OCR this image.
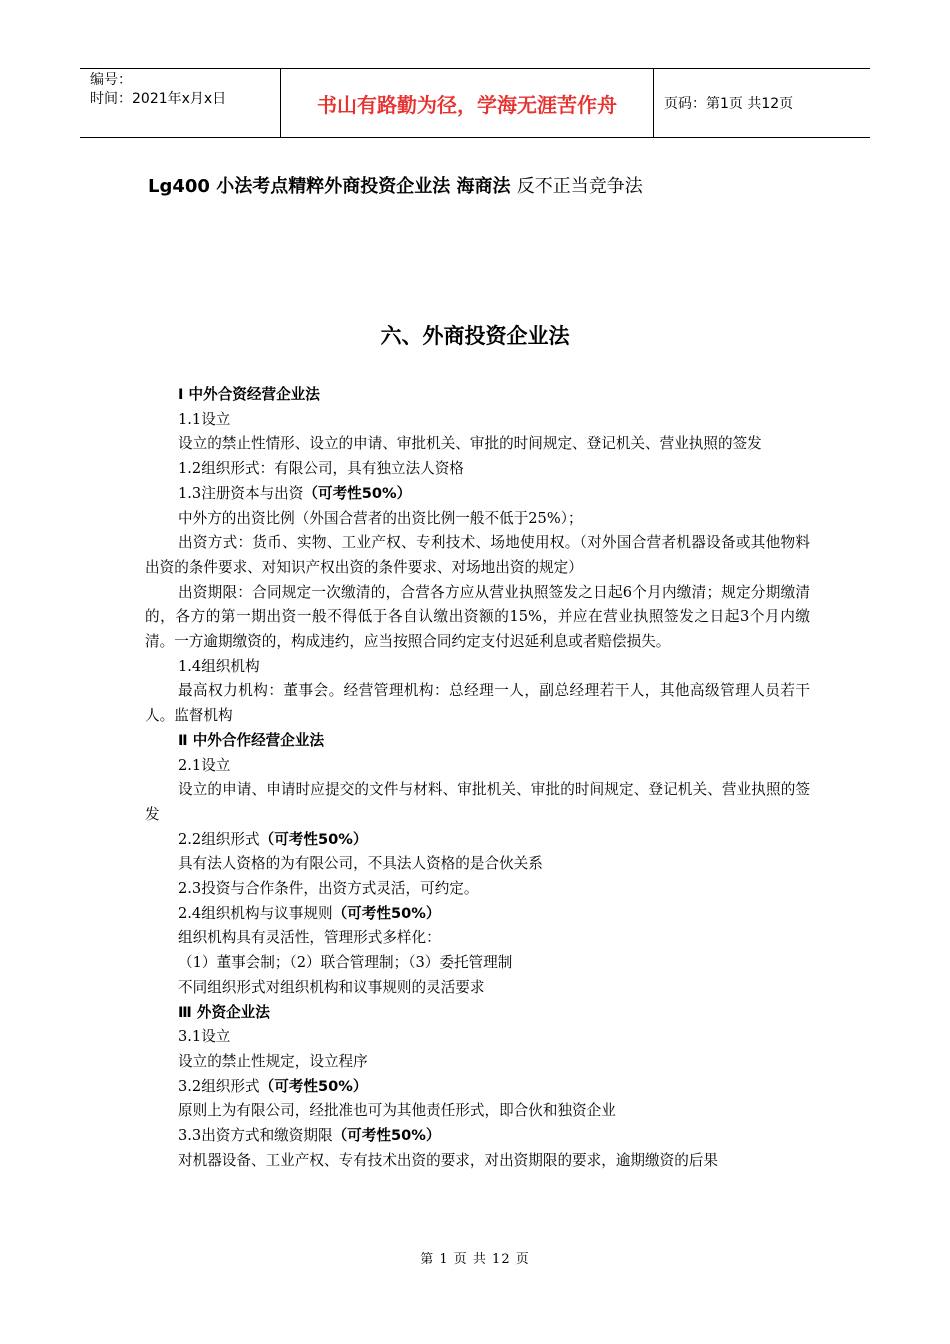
编号：
时间：2021年x月x日	书山有路勤为径，学海无涯苦作舟	页码：第1页 共12页
Lg400 小法考点精粹外商投资企业法 海商法 反不正当竞争法
六、外商投资企业法

Ⅰ 中外合资经营企业法

1.1设立

设立的禁止性情形、设立的申请、审批机关、审批的时间规定、登记机关、营业执照的签发

1.2组织形式：有限公司，具有独立法人资格

1.3注册资本与出资（可考性50%）

中外方的出资比例（外国合营者的出资比例一般不低于25%）；

出资方式：货币、实物、工业产权、专利技术、场地使用权。（对外国合营者机器设备或其他物料出资的条件要求、对知识产权出资的条件要求、对场地出资的规定）

出资期限：合同规定一次缴清的，合营各方应从营业执照签发之日起6个月内缴清；规定分期缴清的，各方的第一期出资一般不得低于各自认缴出资额的15%，并应在营业执照签发之日起3个月内缴清。一方逾期缴资的，构成违约，应当按照合同约定支付迟延利息或者赔偿损失。

1.4组织机构

最高权力机构：董事会。经营管理机构：总经理一人，副总经理若干人，其他高级管理人员若干人。监督机构

Ⅱ 中外合作经营企业法

2.1设立

设立的申请、申请时应提交的文件与材料、审批机关、审批的时间规定、登记机关、营业执照的签发

2.2组织形式（可考性50%）

具有法人资格的为有限公司，不具法人资格的是合伙关系

2.3投资与合作条件，出资方式灵活，可约定。

2.4组织机构与议事规则（可考性50%）

组织机构具有灵活性，管理形式多样化：

（1）董事会制；（2）联合管理制；（3）委托管理制

不同组织形式对组织机构和议事规则的灵活要求

Ⅲ 外资企业法

3.1设立

设立的禁止性规定，设立程序

3.2组织形式（可考性50%）

原则上为有限公司，经批准也可为其他责任形式，即合伙和独资企业

3.3出资方式和缴资期限（可考性50%）

对机器设备、工业产权、专有技术出资的要求，对出资期限的要求，逾期缴资的后果

第 1 页 共 12 页
